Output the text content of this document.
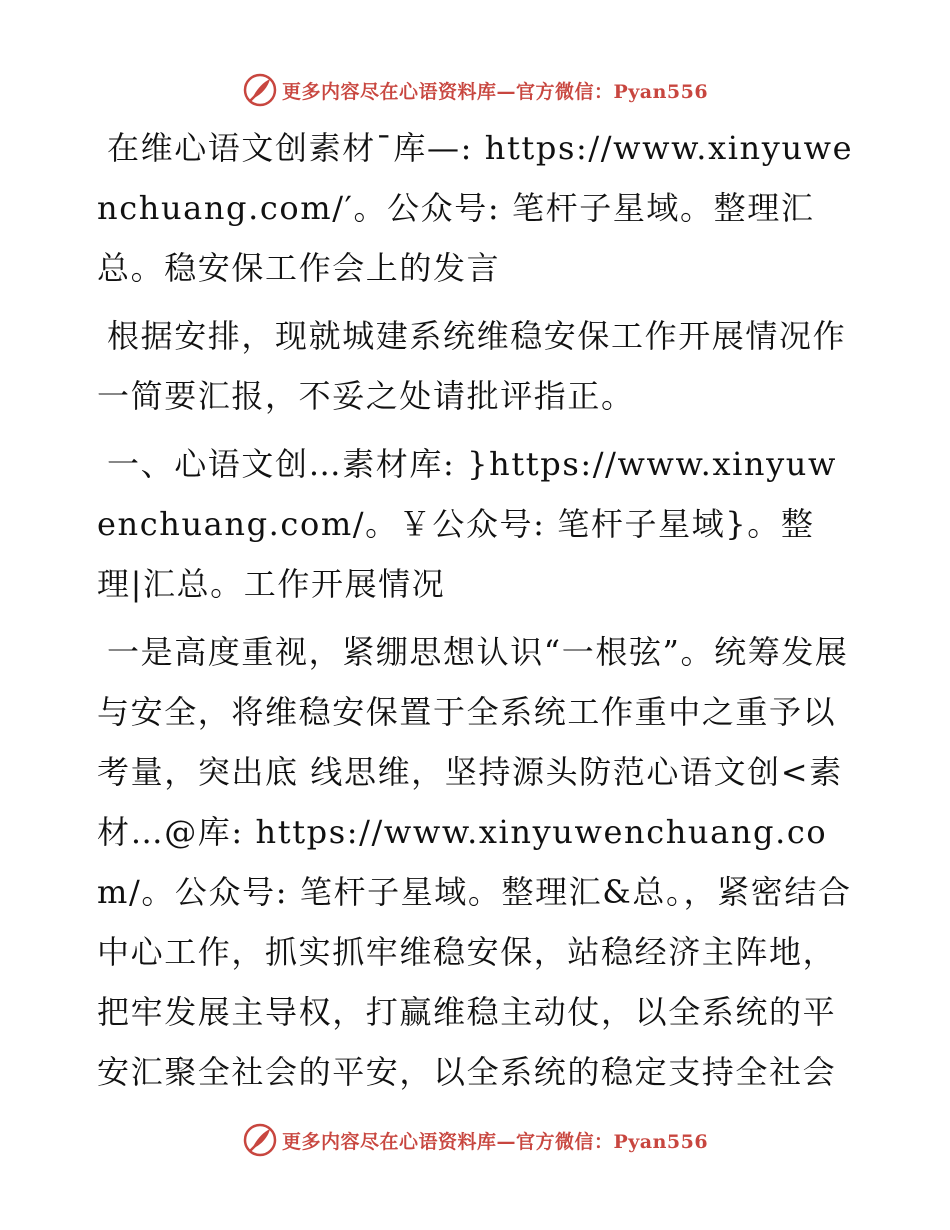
更多内容尽在心语资料库—官方微信：Pyan556

在维心语文创素材¯库—: https://www.xinyuwenchuang.com/′。公众号: 笔杆子星域。整理汇总。稳安保工作会上的发言

根据安排，现就城建系统维稳安保工作开展情况作一简要汇报，不妥之处请批评指正。

一、心语文创…素材库: }https://www.xinyuwenchuang.com/。￥公众号: 笔杆子星域}。整理|汇总。工作开展情况

一是高度重视，紧绷思想认识“一根弦”。统筹发展与安全，将维稳安保置于全系统工作重中之重予以考量，突出底 线思维，坚持源头防范心语文创<素材…@库: https://www.xinyuwenchuang.com/。公众号: 笔杆子星域。整理汇&总。，紧密结合中心工作，抓实抓牢维稳安保，站稳经济主阵地，把牢发展主导权，打赢维稳主动仗，以全系统的平安汇聚全社会的平安，以全系统的稳定支持全社会

更多内容尽在心语资料库—官方微信：Pyan556
